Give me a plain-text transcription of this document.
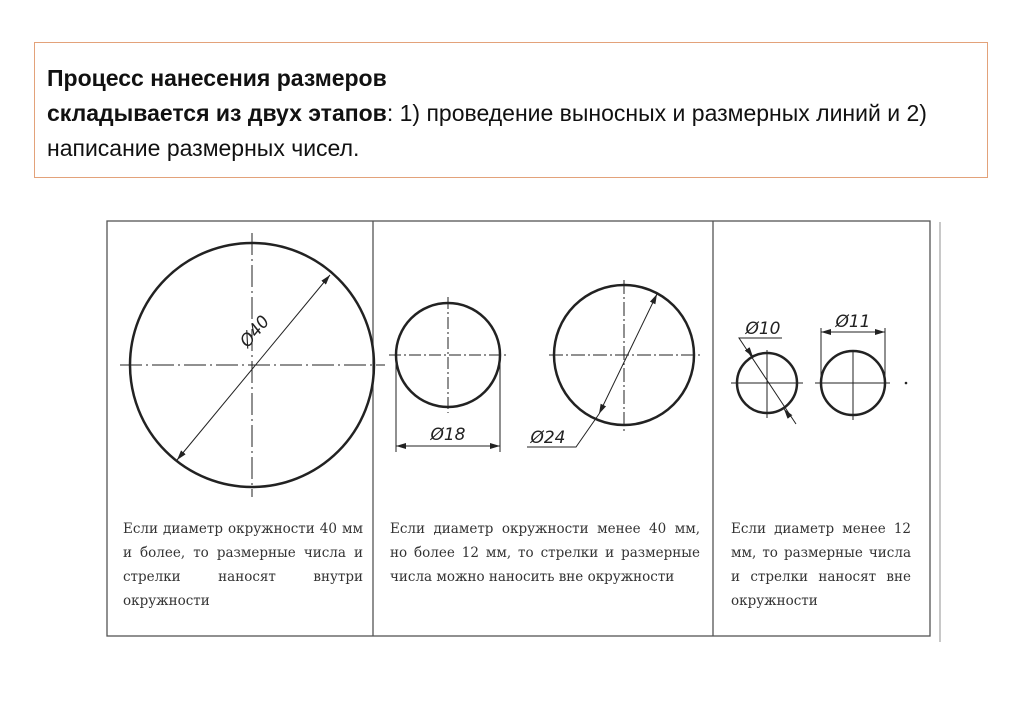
Процесс нанесения размеров
складывается из двух этапов: 1) проведение выносных и размерных линий и 2) написание размерных чисел.
Ø40
Ø18	Ø24
Ø10	Ø11
Если диаметр окружности 40 мм и более, то размерные числа и стрелки наносят внутри окружности
Если диаметр окружности менее 40 мм, но более 12 мм, то стрелки и размерные числа можно наносить вне окружности
Если диаметр менее 12 мм, то размерные числа и стрелки наносят вне окружности
